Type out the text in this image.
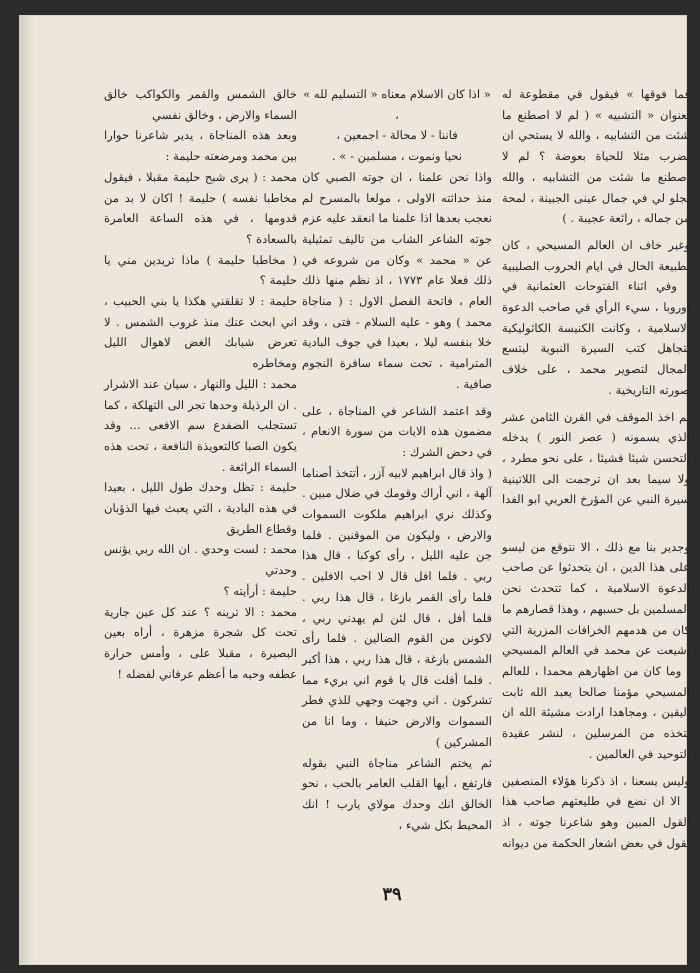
فما فوقها » فيقول في مقطوعة له بعنوان « التشبيه » ( لم لا اصطنع ما شئت من التشابيه ، والله لا يستحي ان يضرب مثلا للحياة بعوضة ؟ لم لا اصطنع ما شئت من التشابيه ، والله يجلو لي في جمال عينى الجبينة ، لمحة من جماله ، رائعة عجيبة . )

وغير خاف ان العالم المسيحي ، كان بطبيعة الحال في ايام الحروب الصليبية ، وفي اثناء الفتوحات العثمانية في اوروبا ، سيء الرأي في صاحب الدعوة الاسلامية ، وكانت الكنيسة الكاثوليكية تتجاهل كتب السيرة النبوية ليتسع المجال لتصوير محمد ، على خلاف صورته التاريخية .

ثم اخذ الموقف في القرن الثامن عشر الذي يسمونه ( عصر النور ) يدخله التحسن شيئا فشيئا ، على نحو مطرد ، ولا سيما بعد ان ترجمت الى اللاتينية سيرة النبي عن المؤرخ العربي ابو الفدا .

وجدير بنا مع ذلك ، الا نتوقع من ليسو على هذا الدين ، ان يتحدثوا عن صاحب الدعوة الاسلامية ، كما تتحدث نحن المسلمين بل حسبهم ، وهذا قصارهم ما كان من هدمهم الخرافات المزرية التي اشيعت عن محمد في العالم المسيحي ، وما كان من اظهارهم محمدا ، للعالم المسيحي مؤمنا صالحا يعبد الله ثابت اليقين ، ومجاهدا ارادت مشيئة الله ان تتخذه من المرسلين ، لنشر عقيدة التوحيد في العالمين .

وليس يسعنا ، اذ ذكرنا هؤلاء المنصفين ، الا ان نضع في طليعتهم صاحب هذا القول المبين وهو شاعرنا جوته ، اذ يقول في بعض اشعار الحكمة من ديوانه :

« اذا كان الاسلام معناه « التسليم لله » ،

فاننا - لا محالة - اجمعين ،

نحيا ونموت ، مسلمين - » .

واذا نحن علمنا ، ان جوته الصبي كان منذ حداثته الاولى ، مولعا بالمسرح لم نعجب بعدها اذا علمنا ما انعقد عليه عزم جوته الشاعر الشاب من تاليف تمثيلية عن « محمد » وكان من شروعه في ذلك فعلا عام ١٧٧٣ ، اذ نظم منها ذلك العام ، فاتحة الفصل الاول : ( مناجاة محمد ) وهو - عليه السلام - فتى ، وقد خلا بنفسه ليلا ، بعيدا في جوف البادية المترامية ، تحت سماء سافرة النجوم صافية .

وقد اعتمد الشاعر في المناجاة ، على مضمون هذه الايات من سورة الانعام ، في دحض الشرك :

( واذ قال ابراهيم لابيه آزر ، أتتخذ أصناما آلهة ، اني أراك وقومك في ضلال مبين . وكذلك نري ابراهيم ملكوت السموات والارض ، وليكون من الموقنين . فلما جن عليه الليل ، رأى كوكبا ، قال هذا ربي . فلما افل قال لا احب الافلين . فلما رأى القمر بازغا ، قال هذا ربي . فلما أفل ، قال لئن لم يهدني ربي ، لاكونن من القوم الضالين . فلما رأى الشمس بازغة ، قال هذا ربي ، هذا أكبر . فلما أفلت قال يا قوم اني بريء مما تشركون . اني وجهت وجهي للذي فطر السموات والارض حنيفا ، وما انا من المشركين )

ثم يختم الشاعر مناجاة النبي بقوله فارتفع ، أيها القلب العامر بالحب ، نحو الخالق انك وحدك مولاي يارب ! انك المحيط بكل شيء ،

خالق الشمس والقمر والكواكب خالق السماء والارض ، وخالق نفسي

وبعد هذه المناجاة ، يدير شاعرنا حوارا بين محمد ومرضعته حليمة :

محمد : ( يرى شبح حليمة مقبلا ، فيقول مخاطبا نفسه ) حليمة ! اكان لا بد من قدومها ، في هذه الساعة العامرة بالسعادة ؟

( مخاطبا حليمة ) ماذا تريدين مني يا حليمة ؟

حليمة : لا تقلقني هكذا يا بني الحبيب ، اني ابحث عنك منذ غروب الشمس . لا تعرض شبابك الغض لاهوال الليل ومخاطره

محمد : الليل والنهار ، سيان عند الاشرار . ان الرذيلة وحدها تجر الى التهلكة ، كما تستجلب الضفدع سم الافعى ... وقد يكون الصبا كالتعويذة النافعة ، تحت هذه السماء الرائعة .

حليمة : تظل وحدك طول الليل ، بعيدا في هذه البادية ، التي يعبث فيها الذؤبان وقطاع الطريق

محمد : لست وحدي . ان الله ربي يؤنس وحدتي

حليمة : أرأيته ؟

محمد : الا ترينه ؟ عند كل عين جارية تحت كل شجرة مزهرة ، أراه بعين البصيرة ، مقبلا على ، وأمس حرارة عطفه وحبه ما أعظم عرفاني لفضله !

٣٩
